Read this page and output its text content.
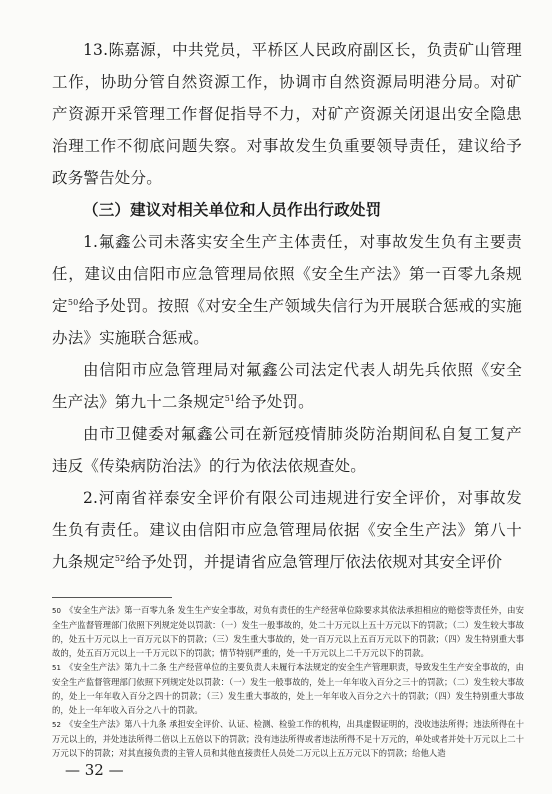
13.陈嘉源，中共党员，平桥区人民政府副区长，负责矿山管理工作，协助分管自然资源工作，协调市自然资源局明港分局。对矿产资源开采管理工作督促指导不力，对矿产资源关闭退出安全隐患治理工作不彻底问题失察。对事故发生负重要领导责任，建议给予政务警告处分。

（三）建议对相关单位和人员作出行政处罚

1.氟鑫公司未落实安全生产主体责任，对事故发生负有主要责任，建议由信阳市应急管理局依照《安全生产法》第一百零九条规定$^{50}$给予处罚。按照《对安全生产领域失信行为开展联合惩戒的实施办法》实施联合惩戒。

由信阳市应急管理局对氟鑫公司法定代表人胡先兵依照《安全生产法》第九十二条规定$^{51}$给予处罚。

由市卫健委对氟鑫公司在新冠疫情肺炎防治期间私自复工复产违反《传染病防治法》的行为依法依规查处。

2.河南省祥泰安全评价有限公司违规进行安全评价，对事故发生负有责任。建议由信阳市应急管理局依据《安全生产法》第八十九条规定$^{52}$给予处罚，并提请省应急管理厅依法依规对其安全评价

50 《安全生产法》第一百零九条 发生生产安全事故，对负有责任的生产经营单位除要求其依法承担相应的赔偿等责任外，由安全生产监督管理部门依照下列规定处以罚款：（一）发生一般事故的，处二十万元以上五十万元以下的罚款；（二）发生较大事故的，处五十万元以上一百万元以下的罚款；（三）发生重大事故的，处一百万元以上五百万元以下的罚款；（四）发生特别重大事故的，处五百万元以上一千万元以下的罚款；情节特别严重的，处一千万元以上二千万元以下的罚款。

51 《安全生产法》第九十二条 生产经营单位的主要负责人未履行本法规定的安全生产管理职责，导致发生生产安全事故的，由安全生产监督管理部门依照下列规定处以罚款：（一）发生一般事故的，处上一年年收入百分之三十的罚款；（二）发生较大事故的，处上一年年收入百分之四十的罚款；（三）发生重大事故的，处上一年年收入百分之六十的罚款；（四）发生特别重大事故的，处上一年年收入百分之八十的罚款。

52 《安全生产法》第八十九条 承担安全评价、认证、检测、检验工作的机构，出具虚假证明的，没收违法所得；违法所得在十万元以上的，并处违法所得二倍以上五倍以下的罚款；没有违法所得或者违法所得不足十万元的，单处或者并处十万元以上二十万元以下的罚款；对其直接负责的主管人员和其他直接责任人员处二万元以上五万元以下的罚款；给他人造

— 32 —
